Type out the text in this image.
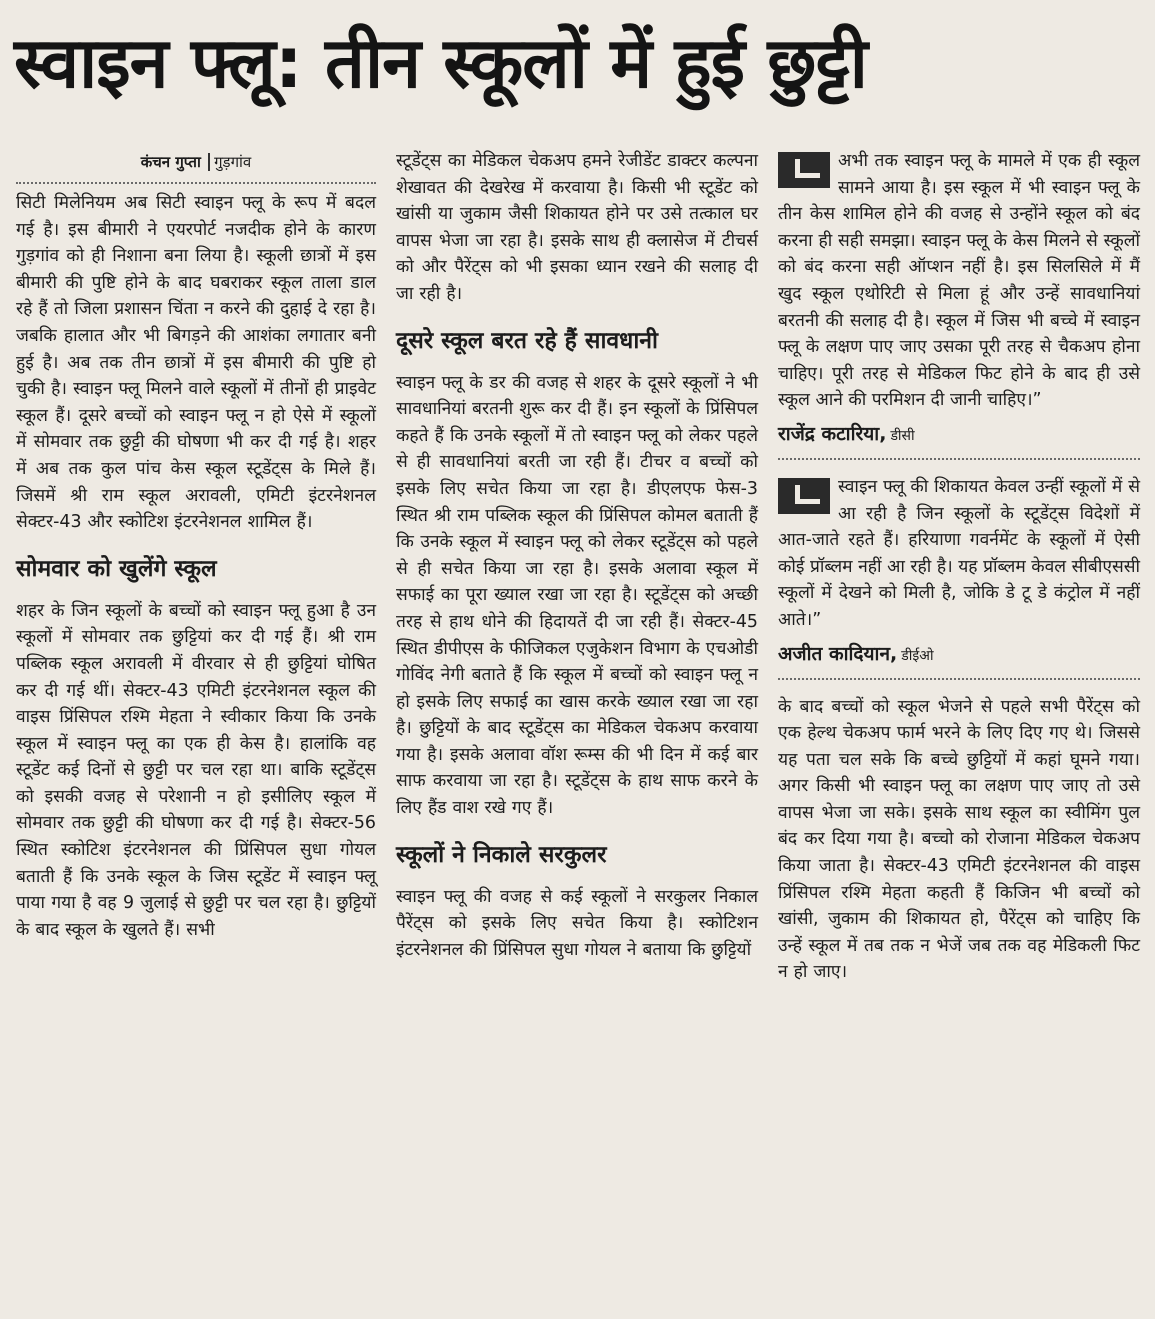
स्वाइन फ्लू: तीन स्कूलों में हुई छुट्टी
कंचन गुप्ता गुड़गांव

सिटी मिलेनियम अब सिटी स्वाइन फ्लू के रूप में बदल गई है। इस बीमारी ने एयरपोर्ट नजदीक होने के कारण गुड़गांव को ही निशाना बना लिया है। स्कूली छात्रों में इस बीमारी की पुष्टि होने के बाद घबराकर स्कूल ताला डाल रहे हैं तो जिला प्रशासन चिंता न करने की दुहाई दे रहा है। जबकि हालात और भी बिगड़ने की आशंका लगातार बनी हुई है। अब तक तीन छात्रों में इस बीमारी की पुष्टि हो चुकी है। स्वाइन फ्लू मिलने वाले स्कूलों में तीनों ही प्राइवेट स्कूल हैं। दूसरे बच्चों को स्वाइन फ्लू न हो ऐसे में स्कूलों में सोमवार तक छुट्टी की घोषणा भी कर दी गई है। शहर में अब तक कुल पांच केस स्कूल स्टूडेंट्स के मिले हैं। जिसमें श्री राम स्कूल अरावली, एमिटी इंटरनेशनल सेक्टर-43 और स्कोटिश इंटरनेशनल शामिल हैं।

सोमवार को खुलेंगे स्कूल

शहर के जिन स्कूलों के बच्चों को स्वाइन फ्लू हुआ है उन स्कूलों में सोमवार तक छुट्टियां कर दी गई हैं। श्री राम पब्लिक स्कूल अरावली में वीरवार से ही छुट्टियां घोषित कर दी गई थीं। सेक्टर-43 एमिटी इंटरनेशनल स्कूल की वाइस प्रिंसिपल रश्मि मेहता ने स्वीकार किया कि उनके स्कूल में स्वाइन फ्लू का एक ही केस है। हालांकि वह स्टूडेंट कई दिनों से छुट्टी पर चल रहा था। बाकि स्टूडेंट्स को इसकी वजह से परेशानी न हो इसीलिए स्कूल में सोमवार तक छुट्टी की घोषणा कर दी गई है। सेक्टर-56 स्थित स्कोटिश इंटरनेशनल की प्रिंसिपल सुधा गोयल बताती हैं कि उनके स्कूल के जिस स्टूडेंट में स्वाइन फ्लू पाया गया है वह 9 जुलाई से छुट्टी पर चल रहा है। छुट्टियों के बाद स्कूल के खुलते हैं। सभी

स्टूडेंट्स का मेडिकल चेकअप हमने रेजीडेंट डाक्टर कल्पना शेखावत की देखरेख में करवाया है। किसी भी स्टूडेंट को खांसी या जुकाम जैसी शिकायत होने पर उसे तत्काल घर वापस भेजा जा रहा है। इसके साथ ही क्लासेज में टीचर्स को और पैरेंट्स को भी इसका ध्यान रखने की सलाह दी जा रही है।

दूसरे स्कूल बरत रहे हैं सावधानी

स्वाइन फ्लू के डर की वजह से शहर के दूसरे स्कूलों ने भी सावधानियां बरतनी शुरू कर दी हैं। इन स्कूलों के प्रिंसिपल कहते हैं कि उनके स्कूलों में तो स्वाइन फ्लू को लेकर पहले से ही सावधानियां बरती जा रही हैं। टीचर व बच्चों को इसके लिए सचेत किया जा रहा है। डीएलएफ फेस-3 स्थित श्री राम पब्लिक स्कूल की प्रिंसिपल कोमल बताती हैं कि उनके स्कूल में स्वाइन फ्लू को लेकर स्टूडेंट्स को पहले से ही सचेत किया जा रहा है। इसके अलावा स्कूल में सफाई का पूरा ख्याल रखा जा रहा है। स्टूडेंट्स को अच्छी तरह से हाथ धोने की हिदायतें दी जा रही हैं। सेक्टर-45 स्थित डीपीएस के फीजिकल एजुकेशन विभाग के एचओडी गोविंद नेगी बताते हैं कि स्कूल में बच्चों को स्वाइन फ्लू न हो इसके लिए सफाई का खास करके ख्याल रखा जा रहा है। छुट्टियों के बाद स्टूडेंट्स का मेडिकल चेकअप करवाया गया है। इसके अलावा वॉश रूम्स की भी दिन में कई बार साफ करवाया जा रहा है। स्टूडेंट्स के हाथ साफ करने के लिए हैंड वाश रखे गए हैं।

स्कूलों ने निकाले सरकुलर

स्वाइन फ्लू की वजह से कई स्कूलों ने सरकुलर निकाल पैरेंट्स को इसके लिए सचेत किया है। स्कोटिशन इंटरनेशनल की प्रिंसिपल सुधा गोयल ने बताया कि छुट्टियों

अभी तक स्वाइन फ्लू के मामले में एक ही स्कूल सामने आया है। इस स्कूल में भी स्वाइन फ्लू के तीन केस शामिल होने की वजह से उन्होंने स्कूल को बंद करना ही सही समझा। स्वाइन फ्लू के केस मिलने से स्कूलों को बंद करना सही ऑप्शन नहीं है। इस सिलसिले में मैं खुद स्कूल एथोरिटी से मिला हूं और उन्हें सावधानियां बरतनी की सलाह दी है। स्कूल में जिस भी बच्चे में स्वाइन फ्लू के लक्षण पाए जाए उसका पूरी तरह से चैकअप होना चाहिए। पूरी तरह से मेडिकल फिट होने के बाद ही उसे स्कूल आने की परमिशन दी जानी चाहिए।”
राजेंद्र कटारिया, डीसी
स्वाइन फ्लू की शिकायत केवल उन्हीं स्कूलों में से आ रही है जिन स्कूलों के स्टूडेंट्स विदेशों में आत-जाते रहते हैं। हरियाणा गवर्नमेंट के स्कूलों में ऐसी कोई प्रॉब्लम नहीं आ रही है। यह प्रॉब्लम केवल सीबीएससी स्कूलों में देखने को मिली है, जोकि डे टू डे कंट्रोल में नहीं आते।”
अजीत कादियान, डीईओ

के बाद बच्चों को स्कूल भेजने से पहले सभी पैरेंट्स को एक हेल्थ चेकअप फार्म भरने के लिए दिए गए थे। जिससे यह पता चल सके कि बच्चे छुट्टियों में कहां घूमने गया। अगर किसी भी स्वाइन फ्लू का लक्षण पाए जाए तो उसे वापस भेजा जा सके। इसके साथ स्कूल का स्वीमिंग पुल बंद कर दिया गया है। बच्चो को रोजाना मेडिकल चेकअप किया जाता है। सेक्टर-43 एमिटी इंटरनेशनल की वाइस प्रिंसिपल रश्मि मेहता कहती हैं किजिन भी बच्चों को खांसी, जुकाम की शिकायत हो, पैरेंट्स को चाहिए कि उन्हें स्कूल में तब तक न भेजें जब तक वह मेडिकली फिट न हो जाए।
